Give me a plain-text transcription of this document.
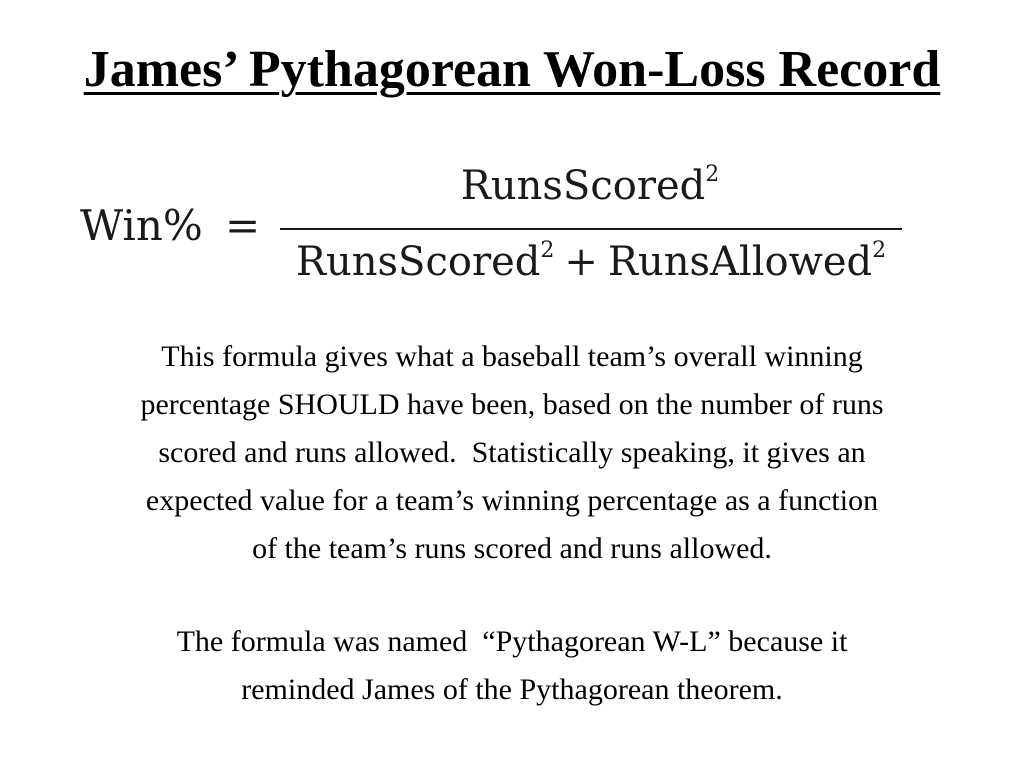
James’ Pythagorean Won-Loss Record
Win% =
RunsScored$^2$
RunsScored$^2$ + RunsAllowed$^2$
This formula gives what a baseball team’s overall winning
percentage SHOULD have been, based on the number of runs
scored and runs allowed.  Statistically speaking, it gives an
expected value for a team’s winning percentage as a function
of the team’s runs scored and runs allowed.
The formula was named  “Pythagorean W-L” because it
reminded James of the Pythagorean theorem.
